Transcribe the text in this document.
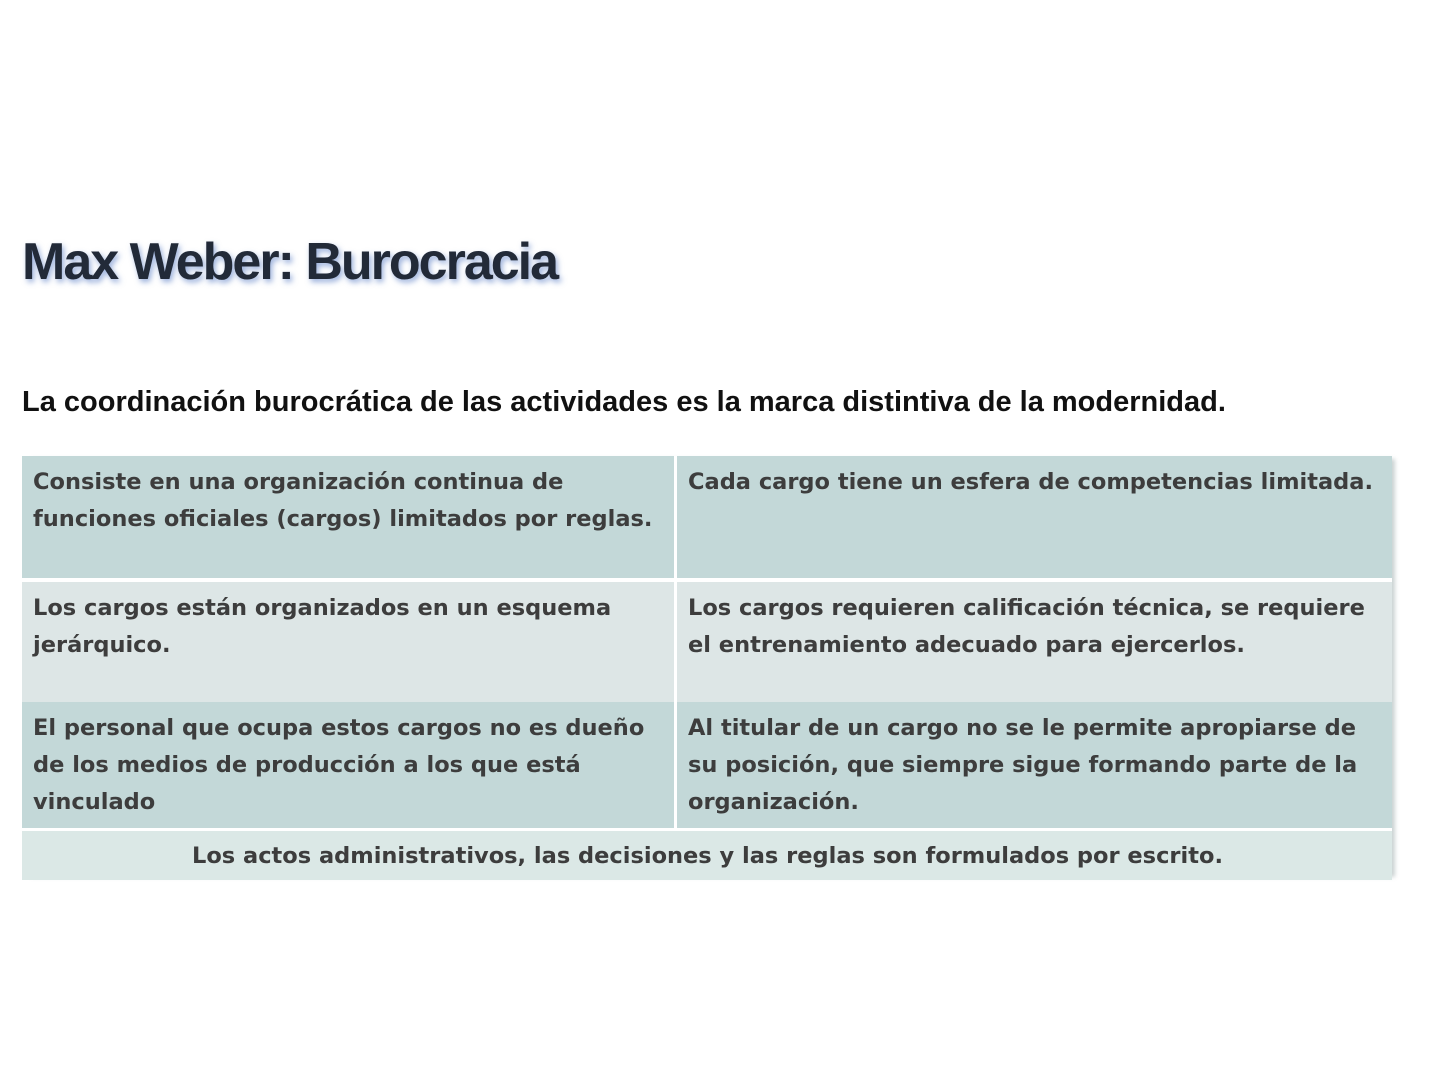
Max Weber: Burocracia

La coordinación burocrática de las actividades es la marca distintiva de la modernidad.

Consiste en una organización continua de funciones oficiales (cargos) limitados por reglas.
Cada cargo tiene un esfera de competencias limitada.
Los cargos están organizados en un esquema jerárquico.
Los cargos requieren calificación técnica, se requiere el entrenamiento adecuado para ejercerlos.
El personal que ocupa estos cargos no es dueño de los medios de producción a los que está vinculado
Al titular de un cargo no se le permite apropiarse de su posición, que siempre sigue formando parte de la organización.
Los actos administrativos, las decisiones y las reglas son formulados por escrito.
